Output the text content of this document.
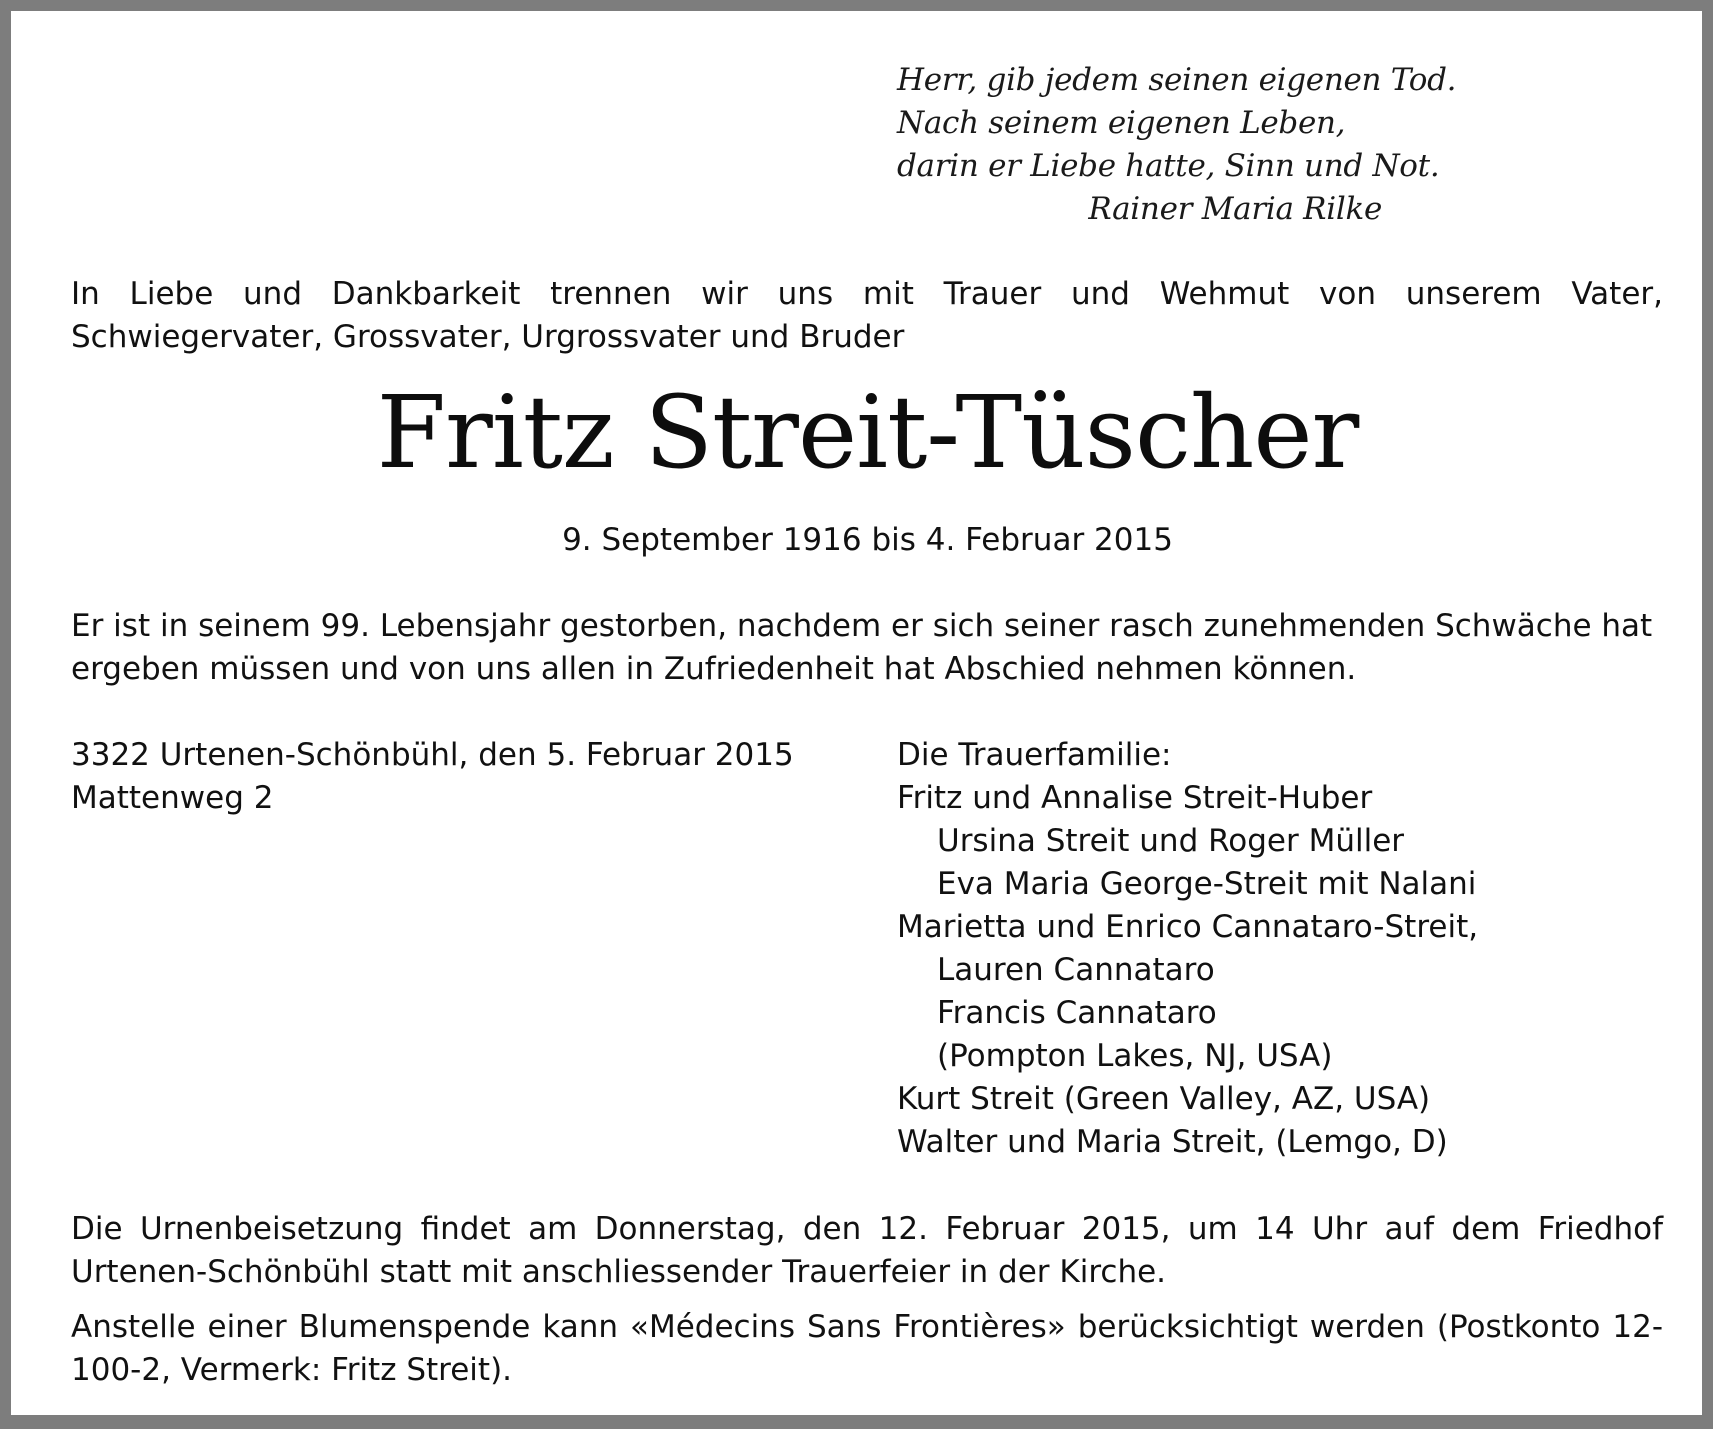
Herr, gib jedem seinen eigenen Tod.
Nach seinem eigenen Leben,
darin er Liebe hatte, Sinn und Not.
Rainer Maria Rilke
In Liebe und Dankbarkeit trennen wir uns mit Trauer und Wehmut von unserem Vater, Schwiegervater, Grossvater, Urgrossvater und Bruder
Fritz Streit-Tüscher
9. September 1916 bis 4. Februar 2015
Er ist in seinem 99. Lebensjahr gestorben, nachdem er sich seiner rasch zunehmenden Schwäche hat ergeben müssen und von uns allen in Zufriedenheit hat Abschied nehmen können.
3322 Urtenen-Schönbühl, den 5. Februar 2015
Mattenweg 2
Die Trauerfamilie:
Fritz und Annalise Streit-Huber
Ursina Streit und Roger Müller
Eva Maria George-Streit mit Nalani
Marietta und Enrico Cannataro-Streit,
Lauren Cannataro
Francis Cannataro
(Pompton Lakes, NJ, USA)
Kurt Streit (Green Valley, AZ, USA)
Walter und Maria Streit, (Lemgo, D)
Die Urnenbeisetzung findet am Donnerstag, den 12. Februar 2015, um 14 Uhr auf dem Friedhof Urtenen-Schönbühl statt mit anschliessender Trauerfeier in der Kirche.
Anstelle einer Blumenspende kann «Médecins Sans Frontières» berücksichtigt werden (Postkonto 12-100-2, Vermerk: Fritz Streit).
